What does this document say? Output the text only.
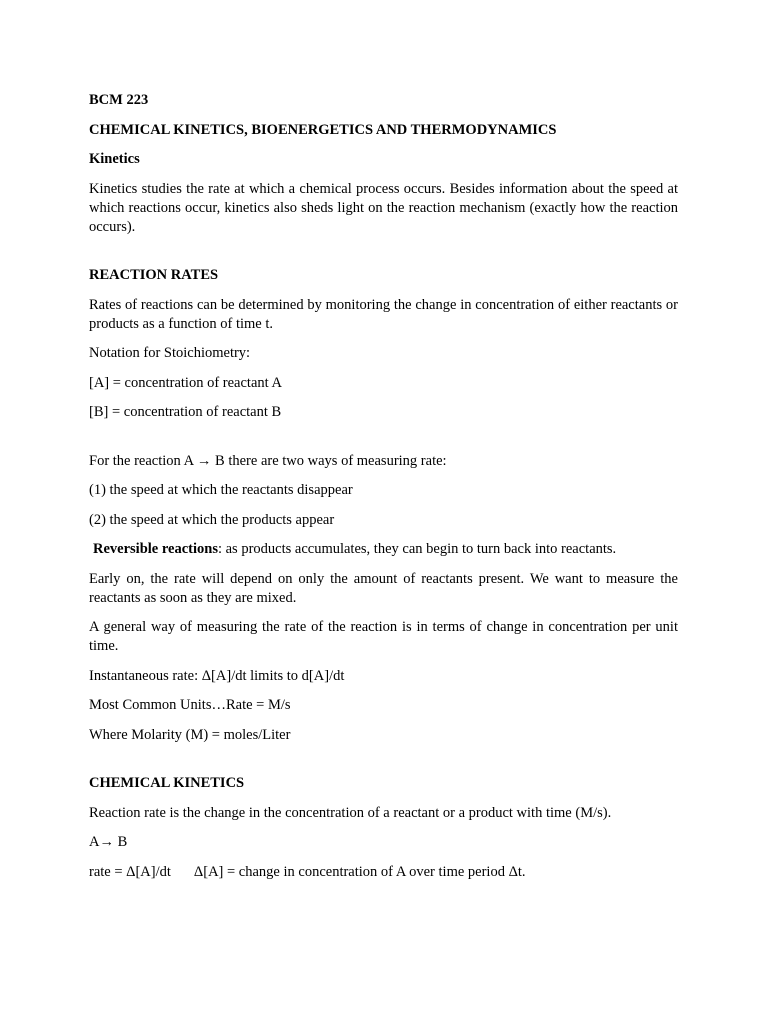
BCM 223

CHEMICAL KINETICS, BIOENERGETICS AND THERMODYNAMICS

Kinetics

Kinetics studies the rate at which a chemical process occurs. Besides information about the speed at which reactions occur, kinetics also sheds light on the reaction mechanism (exactly how the reaction occurs).

REACTION RATES

Rates of reactions can be determined by monitoring the change in concentration of either reactants or products as a function of time t.

Notation for Stoichiometry:

[A] = concentration of reactant A

[B] = concentration of reactant B

For the reaction A → B there are two ways of measuring rate:

(1) the speed at which the reactants disappear

(2) the speed at which the products appear

Reversible reactions: as products accumulates, they can begin to turn back into reactants.

Early on, the rate will depend on only the amount of reactants present. We want to measure the reactants as soon as they are mixed.

A general way of measuring the rate of the reaction is in terms of change in concentration per unit time.

Instantaneous rate: Δ[A]/dt limits to d[A]/dt

Most Common Units…Rate = M/s

Where Molarity (M) = moles/Liter

CHEMICAL KINETICS

Reaction rate is the change in the concentration of a reactant or a product with time (M/s).

A→ B

rate = Δ[A]/dt Δ[A] = change in concentration of A over time period Δt.
